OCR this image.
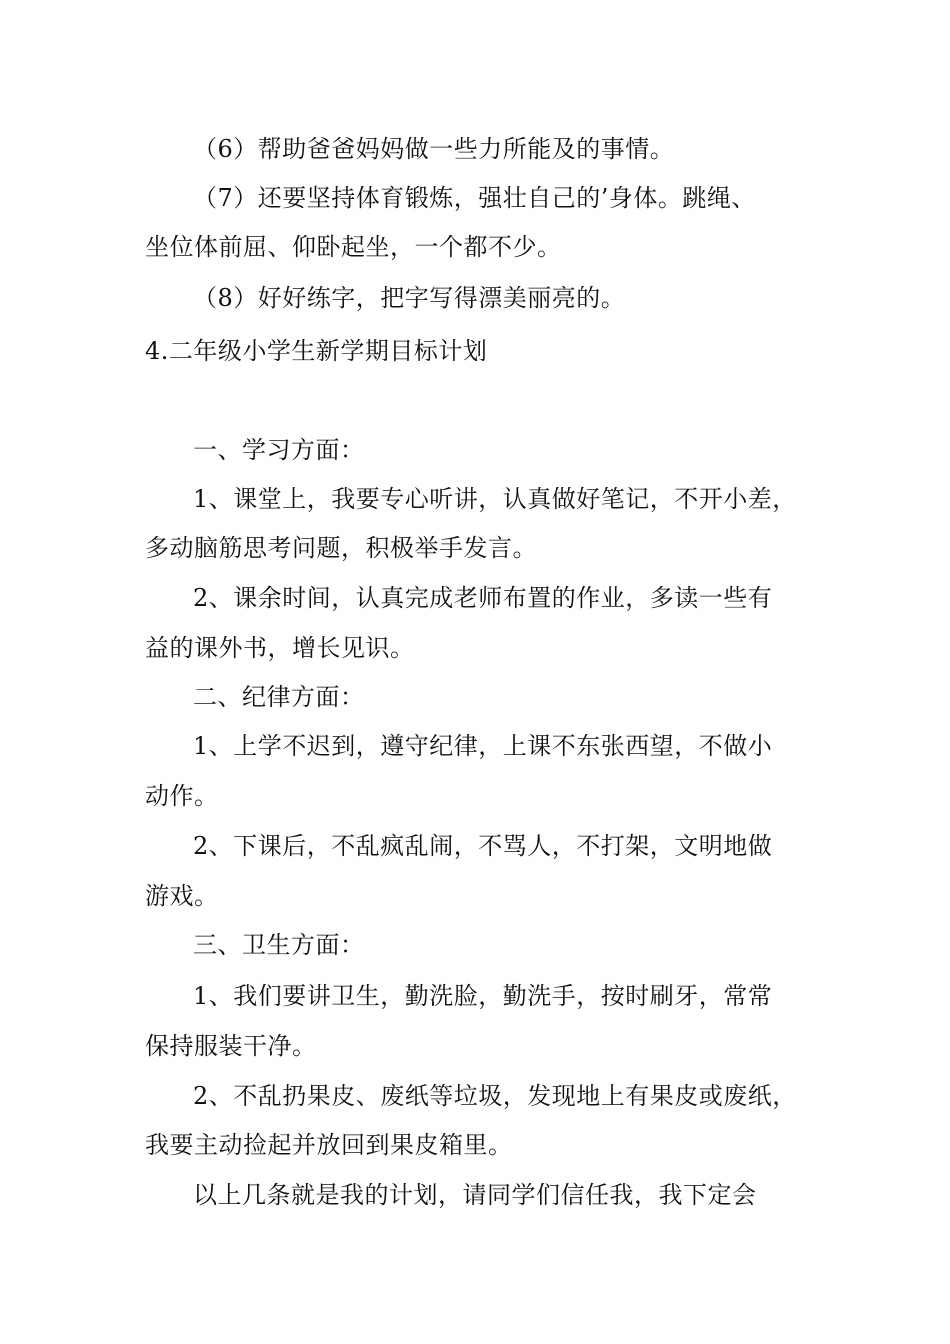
（6）帮助爸爸妈妈做一些力所能及的事情。
（7）还要坚持体育锻炼，强壮自己的’身体。跳绳、
坐位体前屈、仰卧起坐，一个都不少。
（8）好好练字，把字写得漂美丽亮的。
4.二年级小学生新学期目标计划
一、学习方面：
1、课堂上，我要专心听讲，认真做好笔记，不开小差，
多动脑筋思考问题，积极举手发言。
2、课余时间，认真完成老师布置的作业，多读一些有
益的课外书，增长见识。
二、纪律方面：
1、上学不迟到，遵守纪律，上课不东张西望，不做小
动作。
2、下课后，不乱疯乱闹，不骂人，不打架，文明地做
游戏。
三、卫生方面：
1、我们要讲卫生，勤洗脸，勤洗手，按时刷牙，常常
保持服装干净。
2、不乱扔果皮、废纸等垃圾，发现地上有果皮或废纸，
我要主动捡起并放回到果皮箱里。
以上几条就是我的计划，请同学们信任我，我下定会
